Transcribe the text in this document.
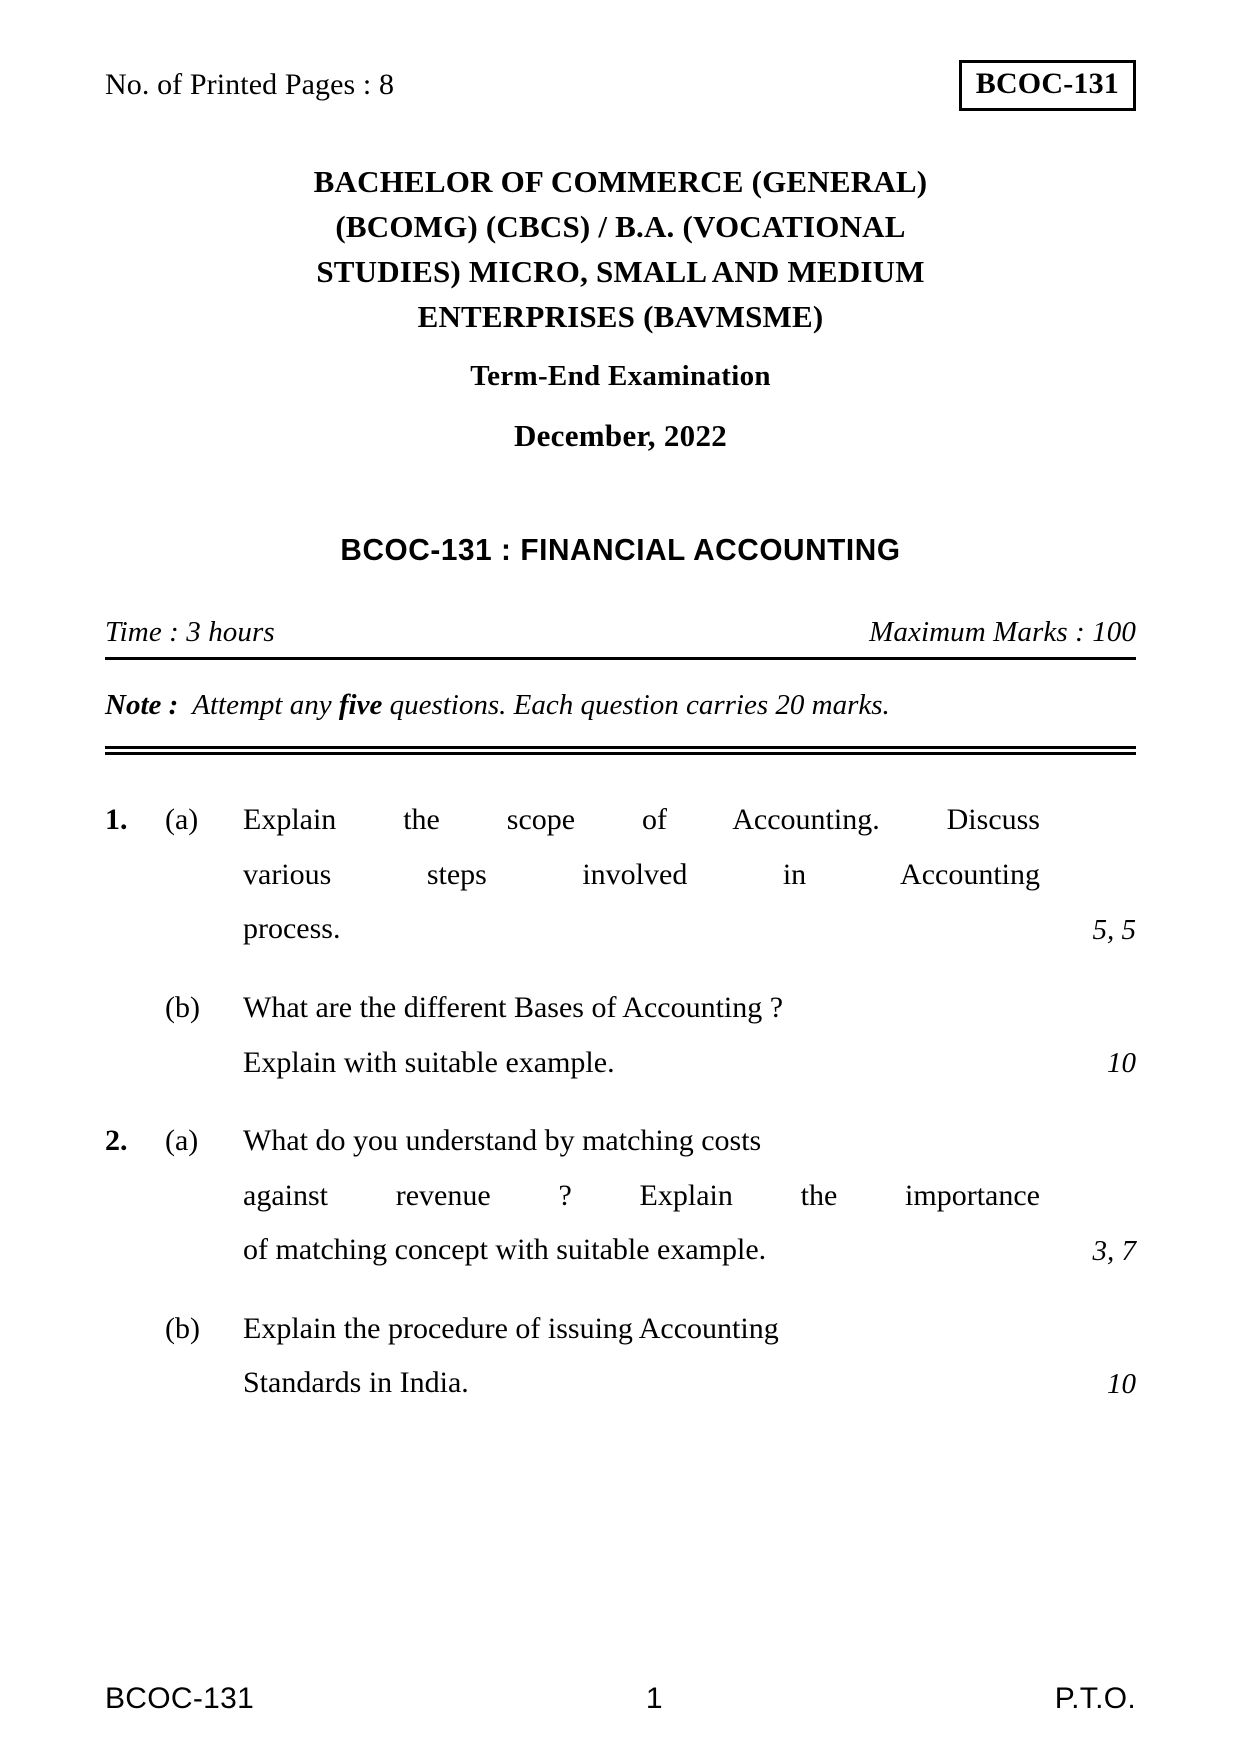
No. of Printed Pages : 8	BCOC-131
BACHELOR OF COMMERCE (GENERAL)
(BCOMG) (CBCS) / B.A. (VOCATIONAL
STUDIES) MICRO, SMALL AND MEDIUM
ENTERPRISES (BAVMSME)
Term-End Examination
December, 2022
BCOC-131 : FINANCIAL ACCOUNTING
Time : 3 hours	Maximum Marks : 100
Note : Attempt any five questions. Each question carries 20 marks.
1.	(a)	Explain the scope of Accounting. Discuss
various steps involved in Accounting
process.	5, 5
(b)	What are the different Bases of Accounting ?
Explain with suitable example.	10
2.	(a)	What do you understand by matching costs
against revenue ? Explain the importance
of matching concept with suitable example.	3, 7
(b)	Explain the procedure of issuing Accounting
Standards in India.	10
BCOC-131	1	P.T.O.
